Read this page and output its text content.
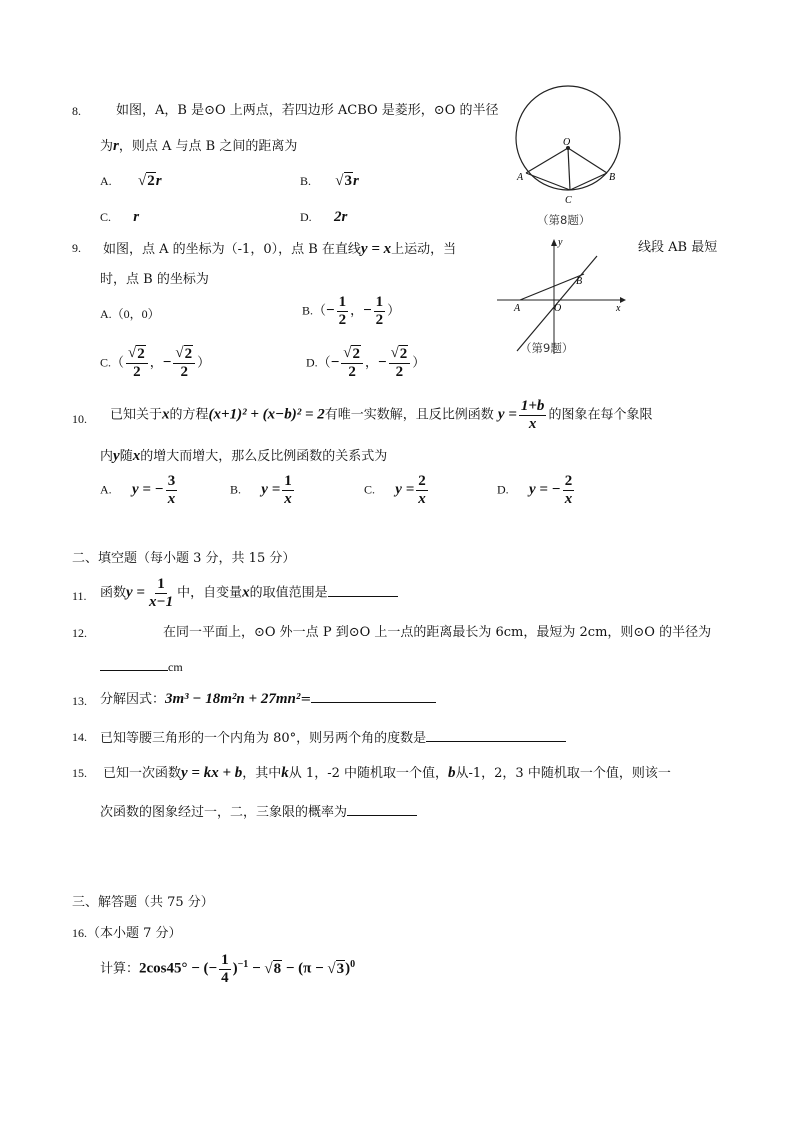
8.	如图，A，B 是⊙O 上两点，若四边形 ACBO 是菱形，⊙O 的半径
为r，则点 A 与点 B 之间的距离为
A. √ 2 r	B. √ 3 r
C. r	D. 2r
O
A	B
C
（第8题）
9. 如图，点 A 的坐标为（-1，0），点 B 在直线y = x上运动，当	线段 AB 最短
时，点 B 的坐标为
A.（0，0）	$B.(- \frac{1}{2}$ ，− $\frac{1}{2}$ ）
$C.( \frac{√ 2}{2}$ ，− $\frac{√ 2}{2}$ ）	$D.(- \frac{√ 2}{2}$ ，− $\frac{√ 2}{2}$ ）
y
x
O
A
B
（第9题）
10. 已知关于x的方程(x+1)² + (x−b)² = 2有唯一实数解，且反比例函数 $y = \frac{1+b}{x}$ 的图象在每个象限
内y随x的增大而增大，那么反比例函数的关系式为
A. y = − $\frac{3}{x}$	B. $y = \frac{1}{x}$	C. $y = \frac{2}{x}$	D. y = − $\frac{2}{x}$
二、填空题（每小题 3 分，共 15 分）
11. 函数$y = \frac{1}{x-1}$ 中，自变量x的取值范围是
12.	在同一平面上，⊙O 外一点 P 到⊙O 上一点的距离最长为 6cm，最短为 2cm，则⊙O 的半径为
cm
13. 分解因式：3m³ − 18m²n + 27mn²=
14. 已知等腰三角形的一个内角为 80°，则另两个角的度数是
15. 已知一次函数y = kx + b，其中k从 1，-2 中随机取一个值，b从-1，2，3 中随机取一个值，则该一
次函数的图象经过一，二，三象限的概率为
三、解答题（共 75 分）
16.（本小题 7 分）
计算：2cos45° − (− $\frac{1}{4} )^{-1}$ − √ 8 − (π − √ 3 )$^0$
